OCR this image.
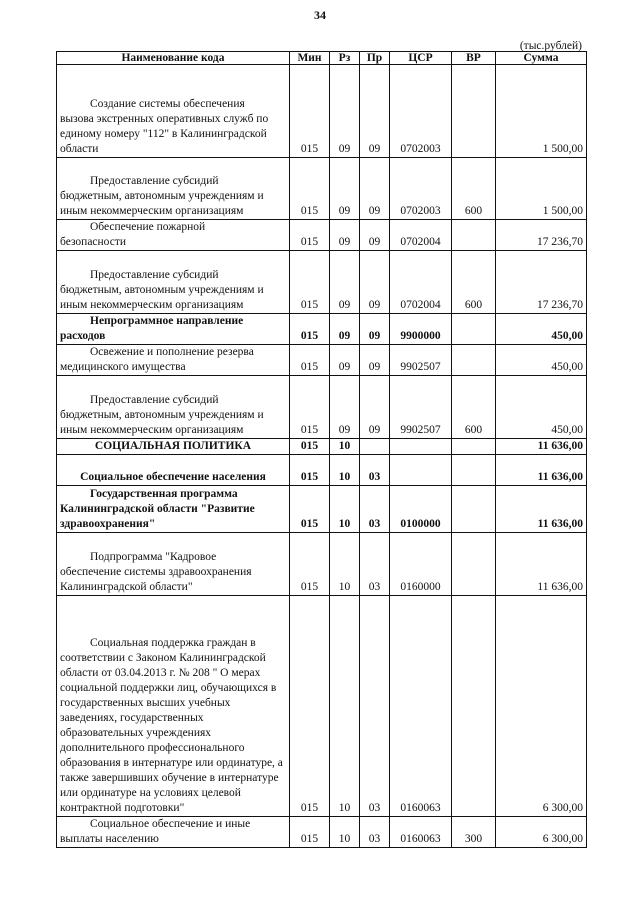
34
(тыс.рублей)
Наименование кода	Мин	Рз	Пр	ЦСР	ВР	Сумма

Создание системы обеспечения
вызова экстренных оперативных служб по единому номеру "112" в Калининградской области	015	09	09	0702003		1 500,00

Предоставление субсидий
бюджетным, автономным учреждениям и иным некоммерческим организациям	015	09	09	0702003	600	1 500,00

Обеспечение пожарной
безопасности	015	09	09	0702004		17 236,70

Предоставление субсидий
бюджетным, автономным учреждениям и иным некоммерческим организациям	015	09	09	0702004	600	17 236,70

Непрограммное направление
расходов	015	09	09	9900000		450,00

Освежение и пополнение резерва
медицинского имущества	015	09	09	9902507		450,00

Предоставление субсидий
бюджетным, автономным учреждениям и иным некоммерческим организациям	015	09	09	9902507	600	450,00
СОЦИАЛЬНАЯ ПОЛИТИКА	015	10				11 636,00
Социальное обеспечение населения	015	10	03			11 636,00

Государственная программа
Калининградской области "Развитие здравоохранения"	015	10	03	0100000		11 636,00

Подпрограмма "Кадровое
обеспечение системы здравоохранения Калининградской области"	015	10	03	0160000		11 636,00

Социальная поддержка граждан в
соответствии с Законом Калининградской области от 03.04.2013 г. № 208 " О мерах социальной поддержки лиц, обучающихся в государственных высших учебных заведениях, государственных образовательных учреждениях дополнительного профессионального образования в интернатуре или ординатуре, а также завершивших обучение в интернатуре или ординатуре на условиях целевой контрактной подготовки"	015	10	03	0160063		6 300,00

Социальное обеспечение и иные
выплаты населению	015	10	03	0160063	300	6 300,00
